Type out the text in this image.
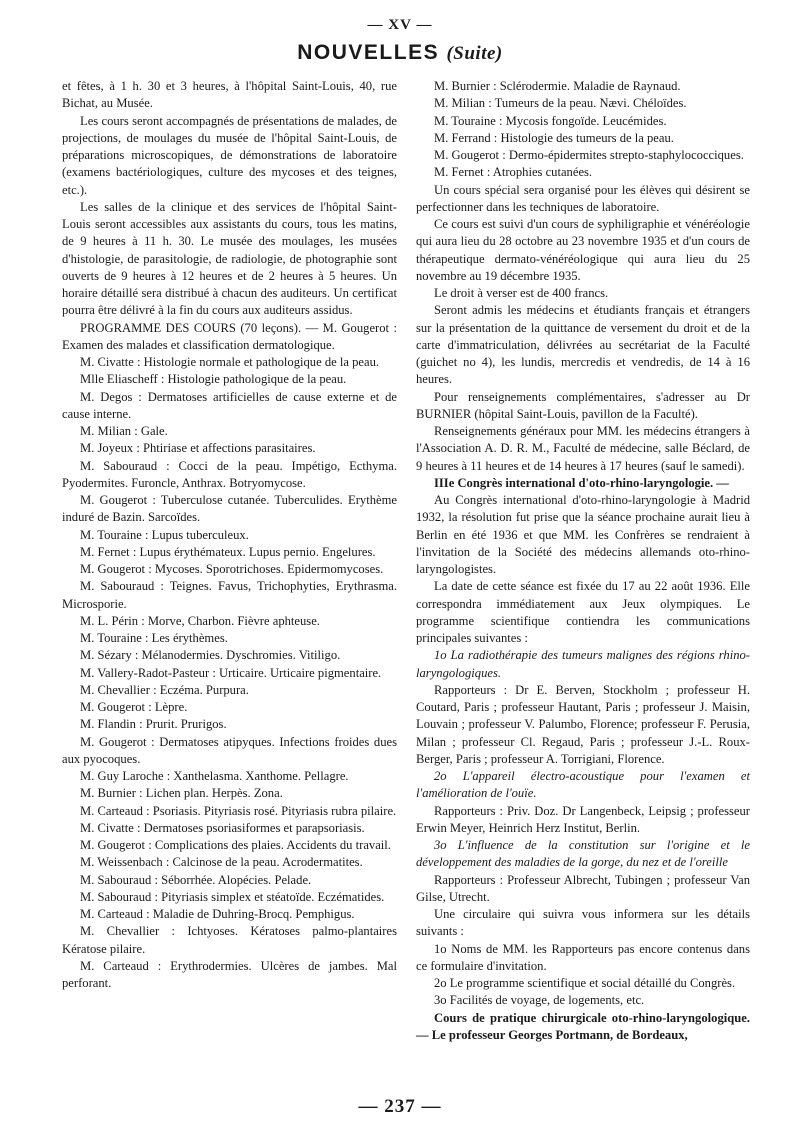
— XV —
NOUVELLES (Suite)

et fêtes, à 1 h. 30 et 3 heures, à l'hôpital Saint-Louis, 40, rue Bichat, au Musée.

Les cours seront accompagnés de présentations de malades, de projections, de moulages du musée de l'hôpital Saint-Louis, de préparations microscopiques, de démonstrations de laboratoire (examens bactériologiques, culture des mycoses et des teignes, etc.).

Les salles de la clinique et des services de l'hôpital Saint-Louis seront accessibles aux assistants du cours, tous les matins, de 9 heures à 11 h. 30. Le musée des moulages, les musées d'histologie, de parasitologie, de radiologie, de photographie sont ouverts de 9 heures à 12 heures et de 2 heures à 5 heures. Un horaire détaillé sera distribué à chacun des auditeurs. Un certificat pourra être délivré à la fin du cours aux auditeurs assidus.

PROGRAMME DES COURS (70 leçons). — M. Gougerot : Examen des malades et classification dermatologique.

M. Civatte : Histologie normale et pathologique de la peau.

Mlle Eliascheff : Histologie pathologique de la peau.

M. Degos : Dermatoses artificielles de cause externe et de cause interne.

M. Milian : Gale.

M. Joyeux : Phtiriase et affections parasitaires.

M. Sabouraud : Cocci de la peau. Impétigo, Ecthyma. Pyodermites. Furoncle, Anthrax. Botryomycose.

M. Gougerot : Tuberculose cutanée. Tuberculides. Erythème induré de Bazin. Sarcoïdes.

M. Touraine : Lupus tuberculeux.

M. Fernet : Lupus érythémateux. Lupus pernio. Engelures.

M. Gougerot : Mycoses. Sporotrichoses. Epidermomycoses.

M. Sabouraud : Teignes. Favus, Trichophyties, Erythrasma. Microsporie.

M. L. Périn : Morve, Charbon. Fièvre aphteuse.

M. Touraine : Les érythèmes.

M. Sézary : Mélanodermies. Dyschromies. Vitiligo.

M. Vallery-Radot-Pasteur : Urticaire. Urticaire pigmentaire.

M. Chevallier : Eczéma. Purpura.

M. Gougerot : Lèpre.

M. Flandin : Prurit. Prurigos.

M. Gougerot : Dermatoses atipyques. Infections froides dues aux pyocoques.

M. Guy Laroche : Xanthelasma. Xanthome. Pellagre.

M. Burnier : Lichen plan. Herpès. Zona.

M. Carteaud : Psoriasis. Pityriasis rosé. Pityriasis rubra pilaire.

M. Civatte : Dermatoses psoriasiformes et parapsoriasis.

M. Gougerot : Complications des plaies. Accidents du travail.

M. Weissenbach : Calcinose de la peau. Acrodermatites.

M. Sabouraud : Séborrhée. Alopécies. Pelade.

M. Sabouraud : Pityriasis simplex et stéatoïde. Eczématides.

M. Carteaud : Maladie de Duhring-Brocq. Pemphigus.

M. Chevallier : Ichtyoses. Kératoses palmo-plantaires Kératose pilaire.

M. Carteaud : Erythrodermies. Ulcères de jambes. Mal perforant.

M. Burnier : Sclérodermie. Maladie de Raynaud.

M. Milian : Tumeurs de la peau. Nævi. Chéloïdes.

M. Touraine : Mycosis fongoïde. Leucémides.

M. Ferrand : Histologie des tumeurs de la peau.

M. Gougerot : Dermo-épidermites strepto-staphylococciques.

M. Fernet : Atrophies cutanées.

Un cours spécial sera organisé pour les élèves qui désirent se perfectionner dans les techniques de laboratoire.

Ce cours est suivi d'un cours de syphiligraphie et vénéréologie qui aura lieu du 28 octobre au 23 novembre 1935 et d'un cours de thérapeutique dermato-vénéréologique qui aura lieu du 25 novembre au 19 décembre 1935.

Le droit à verser est de 400 francs.

Seront admis les médecins et étudiants français et étrangers sur la présentation de la quittance de versement du droit et de la carte d'immatriculation, délivrées au secrétariat de la Faculté (guichet no 4), les lundis, mercredis et vendredis, de 14 à 16 heures.

Pour renseignements complémentaires, s'adresser au Dr BURNIER (hôpital Saint-Louis, pavillon de la Faculté).

Renseignements généraux pour MM. les médecins étrangers à l'Association A. D. R. M., Faculté de médecine, salle Béclard, de 9 heures à 11 heures et de 14 heures à 17 heures (sauf le samedi).

IIIe Congrès international d'oto-rhino-laryngologie. —

Au Congrès international d'oto-rhino-laryngologie à Madrid 1932, la résolution fut prise que la séance prochaine aurait lieu à Berlin en été 1936 et que MM. les Confrères se rendraient à l'invitation de la Société des médecins allemands oto-rhino-laryngologistes.

La date de cette séance est fixée du 17 au 22 août 1936. Elle correspondra immédiatement aux Jeux olympiques. Le programme scientifique contiendra les communications principales suivantes :

1o La radiothérapie des tumeurs malignes des régions rhino-laryngologiques.

Rapporteurs : Dr E. Berven, Stockholm ; professeur H. Coutard, Paris ; professeur Hautant, Paris ; professeur J. Maisin, Louvain ; professeur V. Palumbo, Florence; professeur F. Perusia, Milan ; professeur Cl. Regaud, Paris ; professeur J.-L. Roux-Berger, Paris ; professeur A. Torrigiani, Florence.

2o L'appareil électro-acoustique pour l'examen et l'amélioration de l'ouïe.

Rapporteurs : Priv. Doz. Dr Langenbeck, Leipsig ; professeur Erwin Meyer, Heinrich Herz Institut, Berlin.

3o L'influence de la constitution sur l'origine et le développement des maladies de la gorge, du nez et de l'oreille

Rapporteurs : Professeur Albrecht, Tubingen ; professeur Van Gilse, Utrecht.

Une circulaire qui suivra vous informera sur les détails suivants :

1o Noms de MM. les Rapporteurs pas encore contenus dans ce formulaire d'invitation.

2o Le programme scientifique et social détaillé du Congrès.

3o Facilités de voyage, de logements, etc.

Cours de pratique chirurgicale oto-rhino-laryngologique. — Le professeur Georges Portmann, de Bordeaux,

— 237 —
